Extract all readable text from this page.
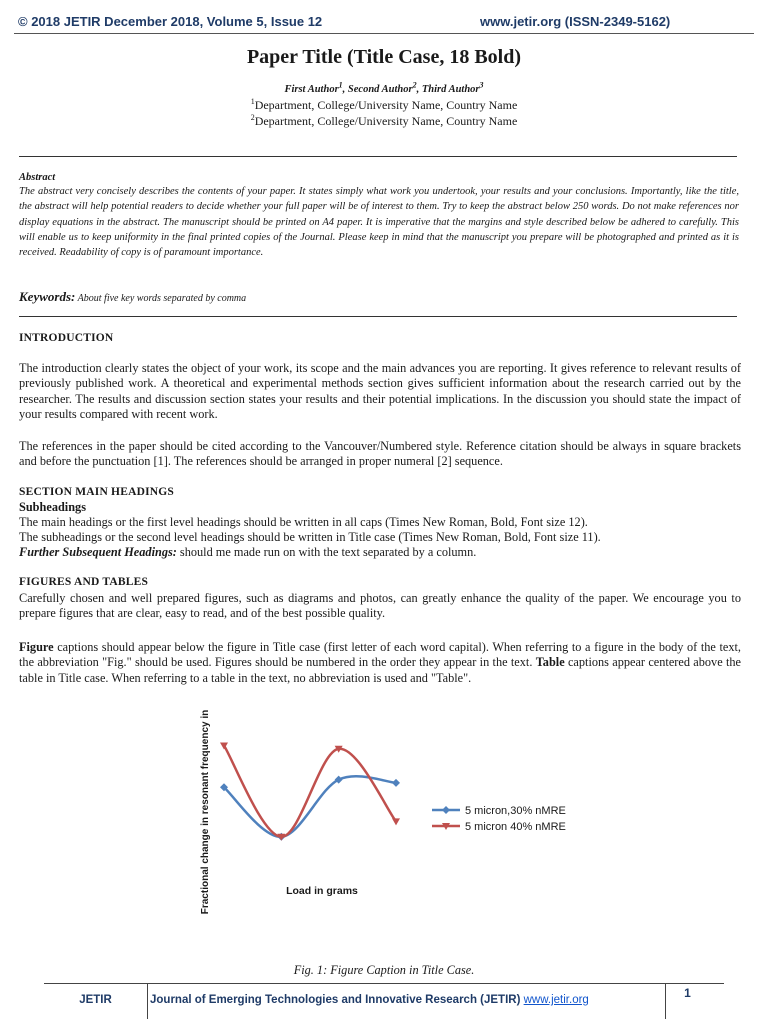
© 2018 JETIR December 2018, Volume 5, Issue 12	www.jetir.org (ISSN-2349-5162)
Paper Title (Title Case, 18 Bold)
First Author$^1$, Second Author$^2$, Third Author$^3$
$^1$Department, College/University Name, Country Name
$^2$Department, College/University Name, Country Name
Abstract
The abstract very concisely describes the contents of your paper. It states simply what work you undertook, your results and your conclusions. Importantly, like the title, the abstract will help potential readers to decide whether your full paper will be of interest to them. Try to keep the abstract below 250 words. Do not make references nor display equations in the abstract. The manuscript should be printed on A4 paper. It is imperative that the margins and style described below be adhered to carefully. This will enable us to keep uniformity in the final printed copies of the Journal. Please keep in mind that the manuscript you prepare will be photographed and printed as it is received. Readability of copy is of paramount importance.
Keywords: About five key words separated by comma
INTRODUCTION
The introduction clearly states the object of your work, its scope and the main advances you are reporting. It gives reference to relevant results of previously published work. A theoretical and experimental methods section gives sufficient information about the research carried out by the researcher. The results and discussion section states your results and their potential implications. In the discussion you should state the impact of your results compared with recent work.
The references in the paper should be cited according to the Vancouver/Numbered style. Reference citation should be always in square brackets and before the punctuation [1]. The references should be arranged in proper numeral [2] sequence.
SECTION MAIN HEADINGS
Subheadings
The main headings or the first level headings should be written in all caps (Times New Roman, Bold, Font size 12).
The subheadings or the second level headings should be written in Title case (Times New Roman, Bold, Font size 11).
Further Subsequent Headings: should me made run on with the text separated by a column.
FIGURES AND TABLES
Carefully chosen and well prepared figures, such as diagrams and photos, can greatly enhance the quality of the paper. We encourage you to prepare figures that are clear, easy to read, and of the best possible quality.
Figure captions should appear below the figure in Title case (first letter of each word capital). When referring to a figure in the body of the text, the abbreviation "Fig." should be used. Figures should be numbered in the order they appear in the text. Table captions appear centered above the table in Title case. When referring to a table in the text, no abbreviation is used and "Table".
Fractional change in resonant frequency in	Load in grams
5 micron,30% nMRE
5 micron 40% nMRE
Fig. 1: Figure Caption in Title Case.
JETIR	Journal of Emerging Technologies and Innovative Research (JETIR) www.jetir.org	1
